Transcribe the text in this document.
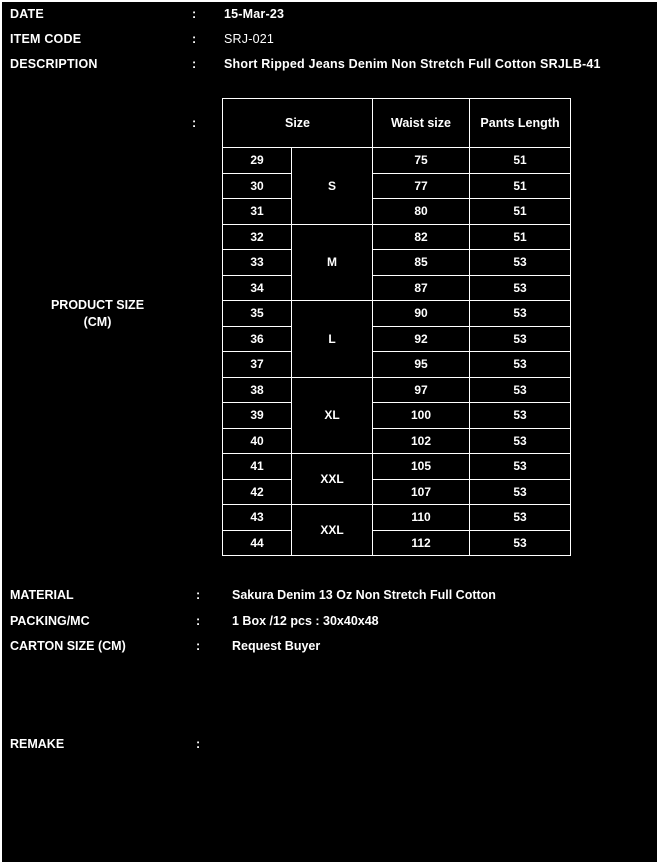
DATE	: 15-Mar-23
ITEM CODE	: SRJ-021
DESCRIPTION	: Short Ripped Jeans Denim Non Stretch Full Cotton SRJLB-41
PRODUCT SIZE
(CM)
:	Size		Waist size	Pants Length
29	S	75	51
30		77	51
31		80	51
32	M	82	51
33		85	53
34		87	53
35	L	90	53
36		92	53
37		95	53
38	XL	97	53
39		100	53
40		102	53
41	XXL	105	53
42		107	53
43	XXL	110	53
44		112	53
MATERIAL	:	Sakura Denim 13 Oz Non Stretch Full Cotton
PACKING/MC	:	1 Box /12 pcs : 30x40x48
CARTON SIZE (CM)	:	Request Buyer
REMAKE	:
